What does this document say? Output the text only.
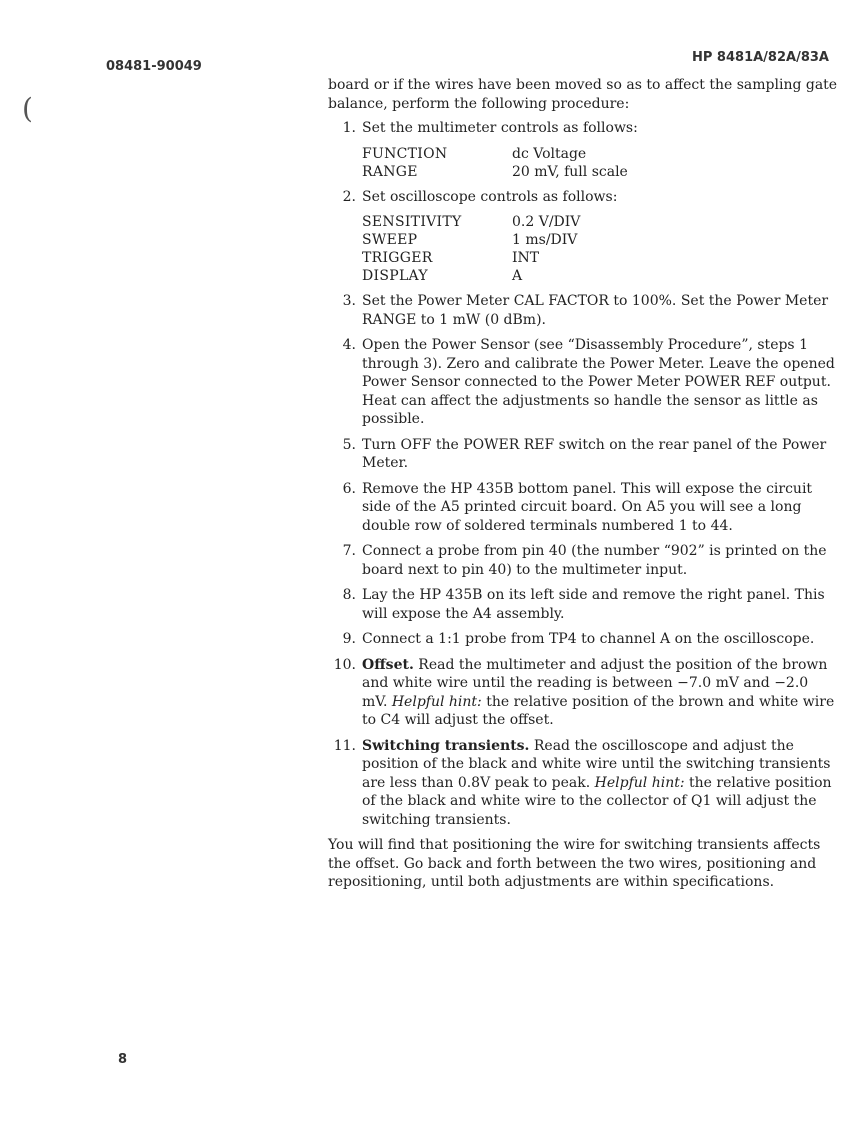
08481-90049
HP 8481A/82A/83A
(

board or if the wires have been moved so as to affect the sampling gate balance, perform the following procedure:

1. Set the multimeter controls as follows:
FUNCTION	dc Voltage
RANGE	20 mV, full scale
2. Set oscilloscope controls as follows:
SENSITIVITY	0.2 V/DIV
SWEEP	1 ms/DIV
TRIGGER	INT
DISPLAY	A
3. Set the Power Meter CAL FACTOR to 100%. Set the Power Meter RANGE to 1 mW (0 dBm).
4. Open the Power Sensor (see “Disassembly Procedure”, steps 1 through 3). Zero and calibrate the Power Meter. Leave the opened Power Sensor connected to the Power Meter POWER REF output. Heat can affect the adjustments so handle the sensor as little as possible.
5. Turn OFF the POWER REF switch on the rear panel of the Power Meter.
6. Remove the HP 435B bottom panel. This will expose the circuit side of the A5 printed circuit board. On A5 you will see a long double row of soldered terminals numbered 1 to 44.
7. Connect a probe from pin 40 (the number “902” is printed on the board next to pin 40) to the multimeter input.
8. Lay the HP 435B on its left side and remove the right panel. This will expose the A4 assembly.
9. Connect a 1:1 probe from TP4 to channel A on the oscilloscope.
10. Offset. Read the multimeter and adjust the position of the brown and white wire until the reading is between −7.0 mV and −2.0 mV. Helpful hint: the relative position of the brown and white wire to C4 will adjust the offset.
11. Switching transients. Read the oscilloscope and adjust the position of the black and white wire until the switching transients are less than 0.8V peak to peak. Helpful hint: the relative position of the black and white wire to the collector of Q1 will adjust the switching transients.

You will find that positioning the wire for switching transients affects the offset. Go back and forth between the two wires, positioning and repositioning, until both adjustments are within specifications.

8
